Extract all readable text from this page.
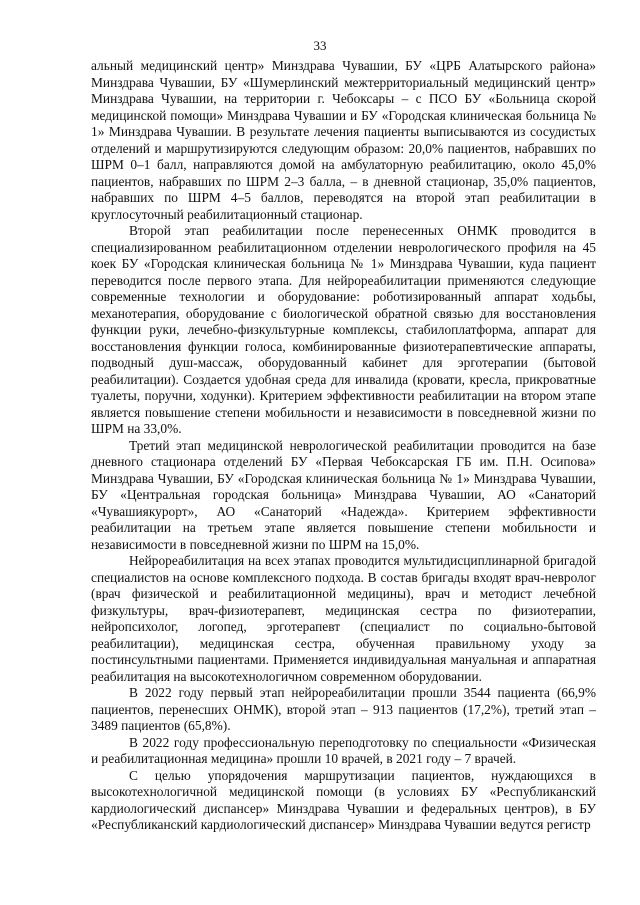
33

альный медицинский центр» Минздрава Чувашии, БУ «ЦРБ Алатырского района» Минздрава Чувашии, БУ «Шумерлинский межтерриториальный медицинский центр» Минздрава Чувашии, на территории г. Чебоксары – с ПСО БУ «Больница скорой медицинской помощи» Минздрава Чувашии и БУ «Городская клиническая больница № 1» Минздрава Чувашии. В результате лечения пациенты выписываются из сосудистых отделений и маршрутизируются следующим образом: 20,0% пациентов, набравших по ШРМ 0–1 балл, направляются домой на амбулаторную реабилитацию, около 45,0% пациентов, набравших по ШРМ 2–3 балла, – в дневной стационар, 35,0% пациентов, набравших по ШРМ 4–5 баллов, переводятся на второй этап реабилитации в круглосуточный реабилитационный стационар.

Второй этап реабилитации после перенесенных ОНМК проводится в специализированном реабилитационном отделении неврологического профиля на 45 коек БУ «Городская клиническая больница № 1» Минздрава Чувашии, куда пациент переводится после первого этапа. Для нейрореабилитации применяются следующие современные технологии и оборудование: роботизированный аппарат ходьбы, механотерапия, оборудование с биологической обратной связью для восстановления функции руки, лечебно-физкультурные комплексы, стабилоплатформа, аппарат для восстановления функции голоса, комбинированные физиотерапевтические аппараты, подводный душ-массаж, оборудованный кабинет для эрготерапии (бытовой реабилитации). Создается удобная среда для инвалида (кровати, кресла, прикроватные туалеты, поручни, ходунки). Критерием эффективности реабилитации на втором этапе является повышение степени мобильности и независимости в повседневной жизни по ШРМ на 33,0%.

Третий этап медицинской неврологической реабилитации проводится на базе дневного стационара отделений БУ «Первая Чебоксарская ГБ им. П.Н. Осипова» Минздрава Чувашии, БУ «Городская клиническая больница № 1» Минздрава Чувашии, БУ «Центральная городская больница» Минздрава Чувашии, АО «Санаторий «Чувашиякурорт», АО «Санаторий «Надежда». Критерием эффективности реабилитации на третьем этапе является повышение степени мобильности и независимости в повседневной жизни по ШРМ на 15,0%.

Нейрореабилитация на всех этапах проводится мультидисциплинарной бригадой специалистов на основе комплексного подхода. В состав бригады входят врач-невролог (врач физической и реабилитационной медицины), врач и методист лечебной физкультуры, врач-физиотерапевт, медицинская сестра по физиотерапии, нейропсихолог, логопед, эрготерапевт (специалист по социально-бытовой реабилитации), медицинская сестра, обученная правильному уходу за постинсультными пациентами. Применяется индивидуальная мануальная и аппаратная реабилитация на высокотехнологичном современном оборудовании.

В 2022 году первый этап нейрореабилитации прошли 3544 пациента (66,9% пациентов, перенесших ОНМК), второй этап – 913 пациентов (17,2%), третий этап – 3489 пациентов (65,8%).

В 2022 году профессиональную переподготовку по специальности «Физическая и реабилитационная медицина» прошли 10 врачей, в 2021 году – 7 врачей.

С целью упорядочения маршрутизации пациентов, нуждающихся в высокотехнологичной медицинской помощи (в условиях БУ «Республиканский кардиологический диспансер» Минздрава Чувашии и федеральных центров), в БУ «Республиканский кардиологический диспансер» Минздрава Чувашии ведутся регистр
